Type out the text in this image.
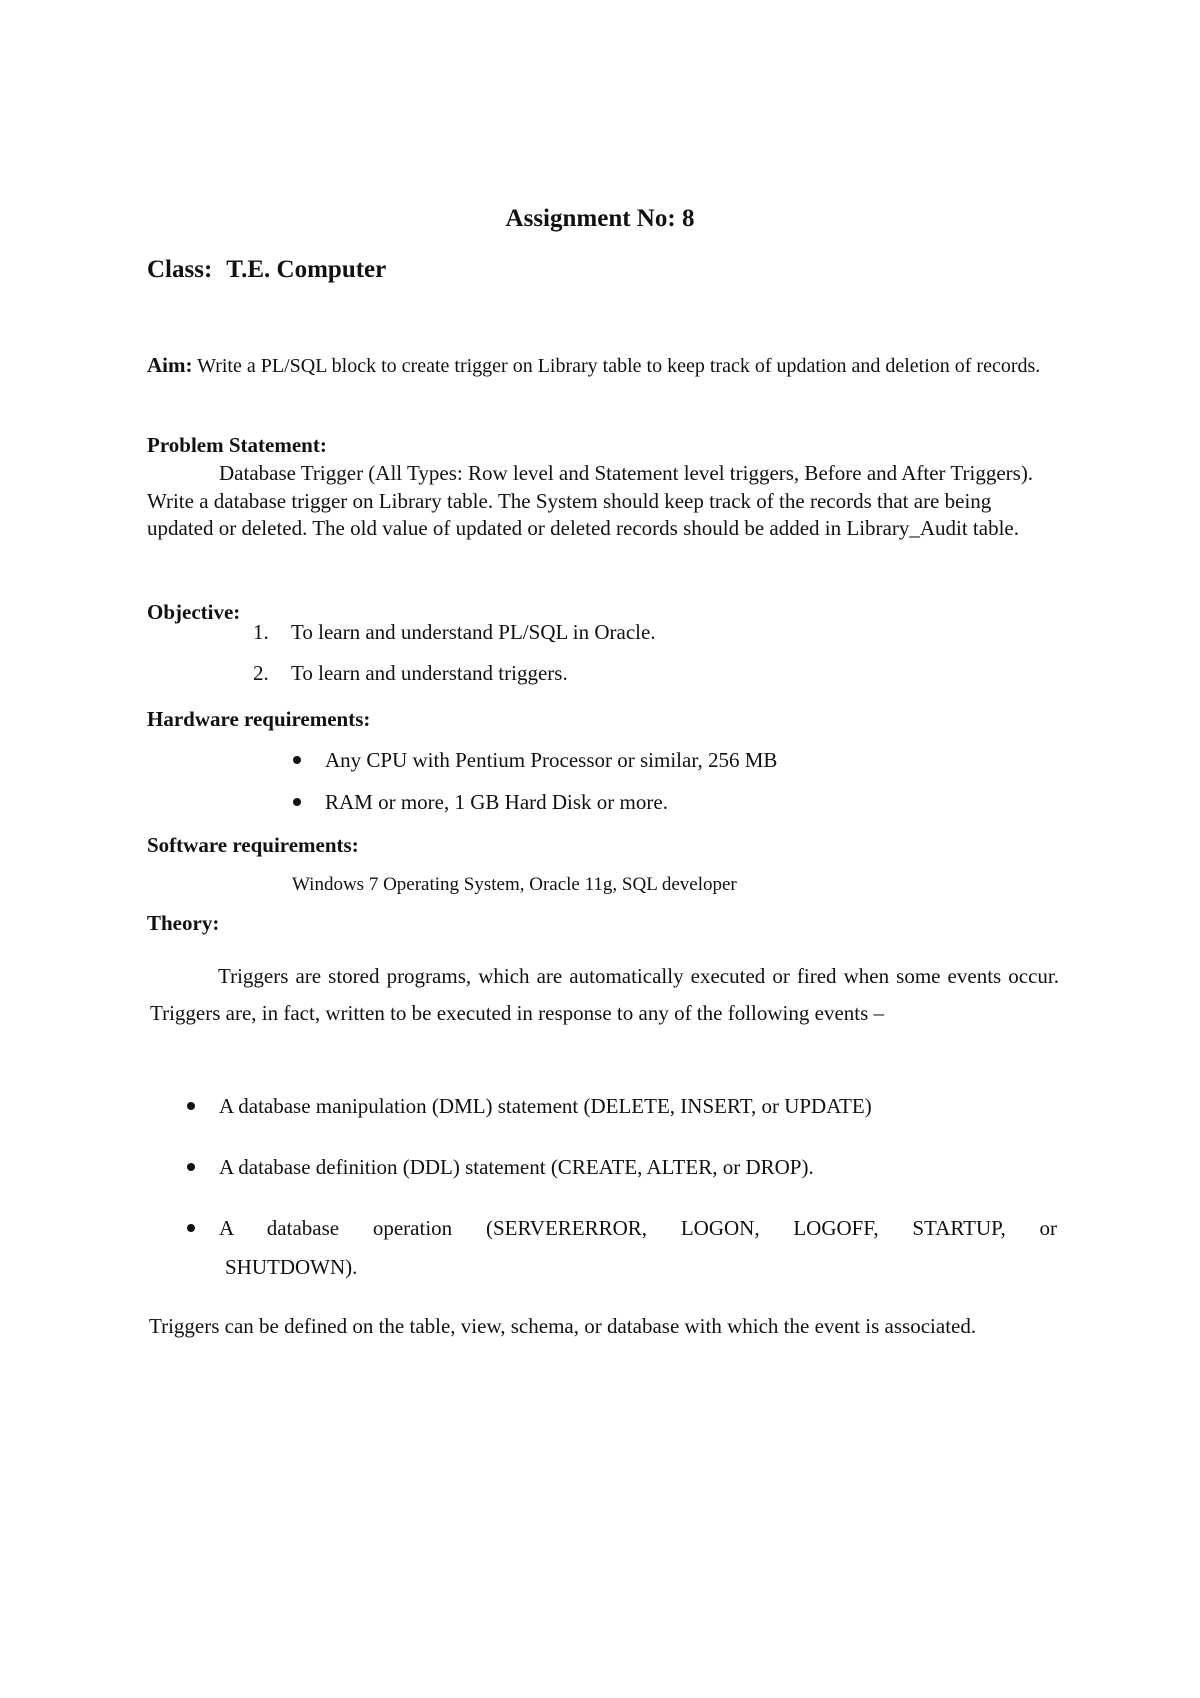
Assignment No: 8
Class: T.E. Computer
Aim: Write a PL/SQL block to create trigger on Library table to keep track of updation and deletion of records.
Problem Statement:
Database Trigger (All Types: Row level and Statement level triggers, Before and After Triggers). Write a database trigger on Library table. The System should keep track of the records that are being updated or deleted. The old value of updated or deleted records should be added in Library_Audit table.
Objective:
1. To learn and understand PL/SQL in Oracle.
2. To learn and understand triggers.
Hardware requirements:
Any CPU with Pentium Processor or similar, 256 MB
RAM or more, 1 GB Hard Disk or more.
Software requirements:
Windows 7 Operating System, Oracle 11g, SQL developer
Theory:
Triggers are stored programs, which are automatically executed or fired when some events occur. Triggers are, in fact, written to be executed in response to any of the following events –
A database manipulation (DML) statement (DELETE, INSERT, or UPDATE)
A database definition (DDL) statement (CREATE, ALTER, or DROP).
A database operation (SERVERERROR, LOGON, LOGOFF, STARTUP, or
SHUTDOWN).
Triggers can be defined on the table, view, schema, or database with which the event is associated.
